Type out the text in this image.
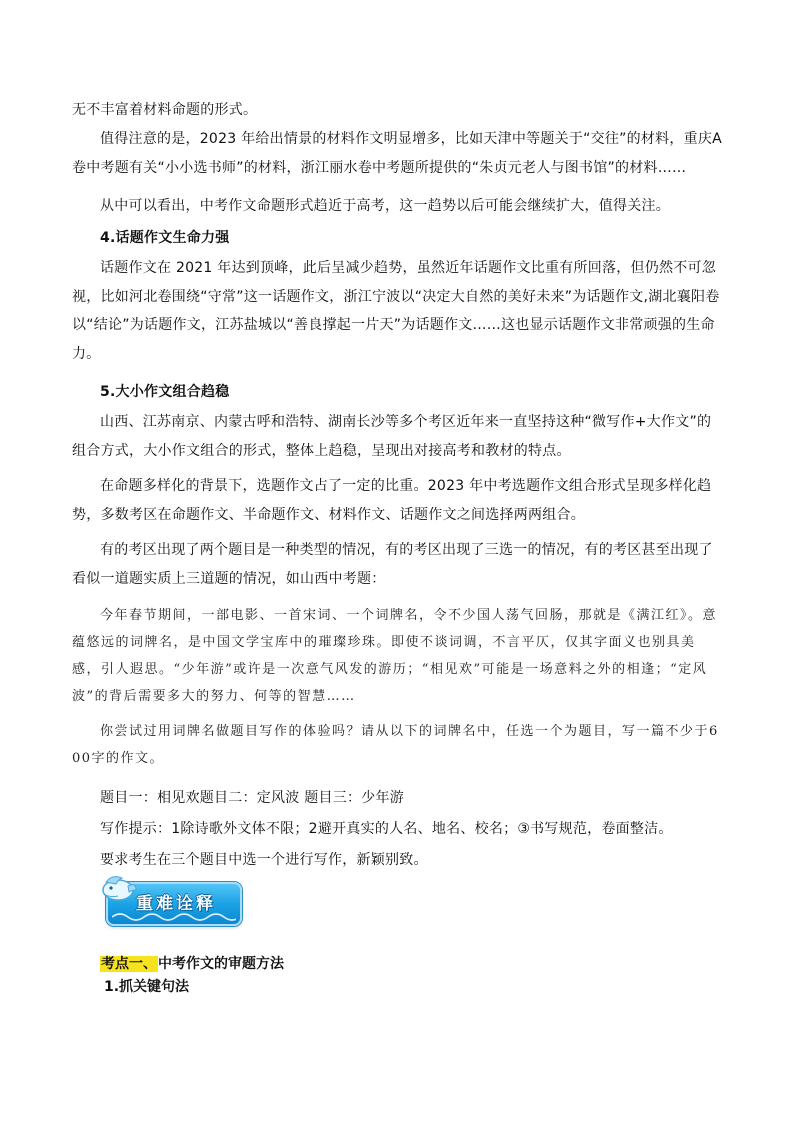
无不丰富着材料命题的形式。

值得注意的是，2023 年给出情景的材料作文明显增多，比如天津中等题关于“交往”的材料，重庆A卷中考题有关“小小选书师”的材料，浙江丽水卷中考题所提供的“朱贞元老人与图书馆”的材料……

从中可以看出，中考作文命题形式趋近于高考，这一趋势以后可能会继续扩大，值得关注。

4.话题作文生命力强

话题作文在 2021 年达到顶峰，此后呈减少趋势，虽然近年话题作文比重有所回落，但仍然不可忽视，比如河北卷围绕“守常”这一话题作文，浙江宁波以“决定大自然的美好未来”为话题作文,湖北襄阳卷以“结论”为话题作文，江苏盐城以“善良撑起一片天”为话题作文……这也显示话题作文非常顽强的生命力。

5.大小作文组合趋稳

山西、江苏南京、内蒙古呼和浩特、湖南长沙等多个考区近年来一直坚持这种“微写作+大作文”的组合方式，大小作文组合的形式，整体上趋稳，呈现出对接高考和教材的特点。

在命题多样化的背景下，选题作文占了一定的比重。2023 年中考选题作文组合形式呈现多样化趋势，多数考区在命题作文、半命题作文、材料作文、话题作文之间选择两两组合。

有的考区出现了两个题目是一种类型的情况，有的考区出现了三选一的情况，有的考区甚至出现了看似一道题实质上三道题的情况，如山西中考题：

今年春节期间，一部电影、一首宋词、一个词牌名，令不少国人荡气回肠，那就是《满江红》。意蕴悠远的词牌名，是中国文学宝库中的璀璨珍珠。即使不谈词调，不言平仄，仅其字面义也别具美感，引人遐思。“少年游”或许是一次意气风发的游历；“相见欢”可能是一场意料之外的相逢；“定风波”的背后需要多大的努力、何等的智慧……

你尝试过用词牌名做题目写作的体验吗？请从以下的词牌名中，任选一个为题目，写一篇不少于600字的作文。

题目一：相见欢题目二：定风波 题目三：少年游

写作提示：1除诗歌外文体不限；2避开真实的人名、地名、校名；③书写规范，卷面整洁。

要求考生在三个题目中选一个进行写作，新颖别致。

重难诠释
考点一、中考作文的审题方法
1.抓关键句法
